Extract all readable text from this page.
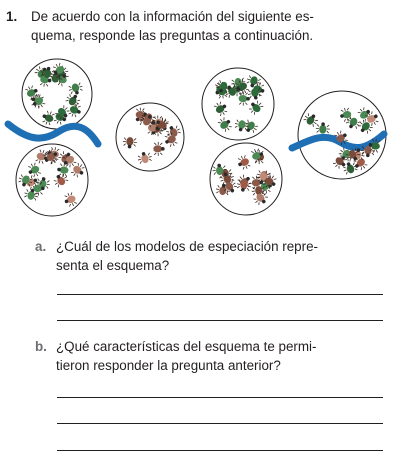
1. De acuerdo con la información del siguiente es-
quema, responde las preguntas a continuación.
a. ¿Cuál de los modelos de especiación repre-
senta el esquema?
b. ¿Qué características del esquema te permi-
tieron responder la pregunta anterior?
